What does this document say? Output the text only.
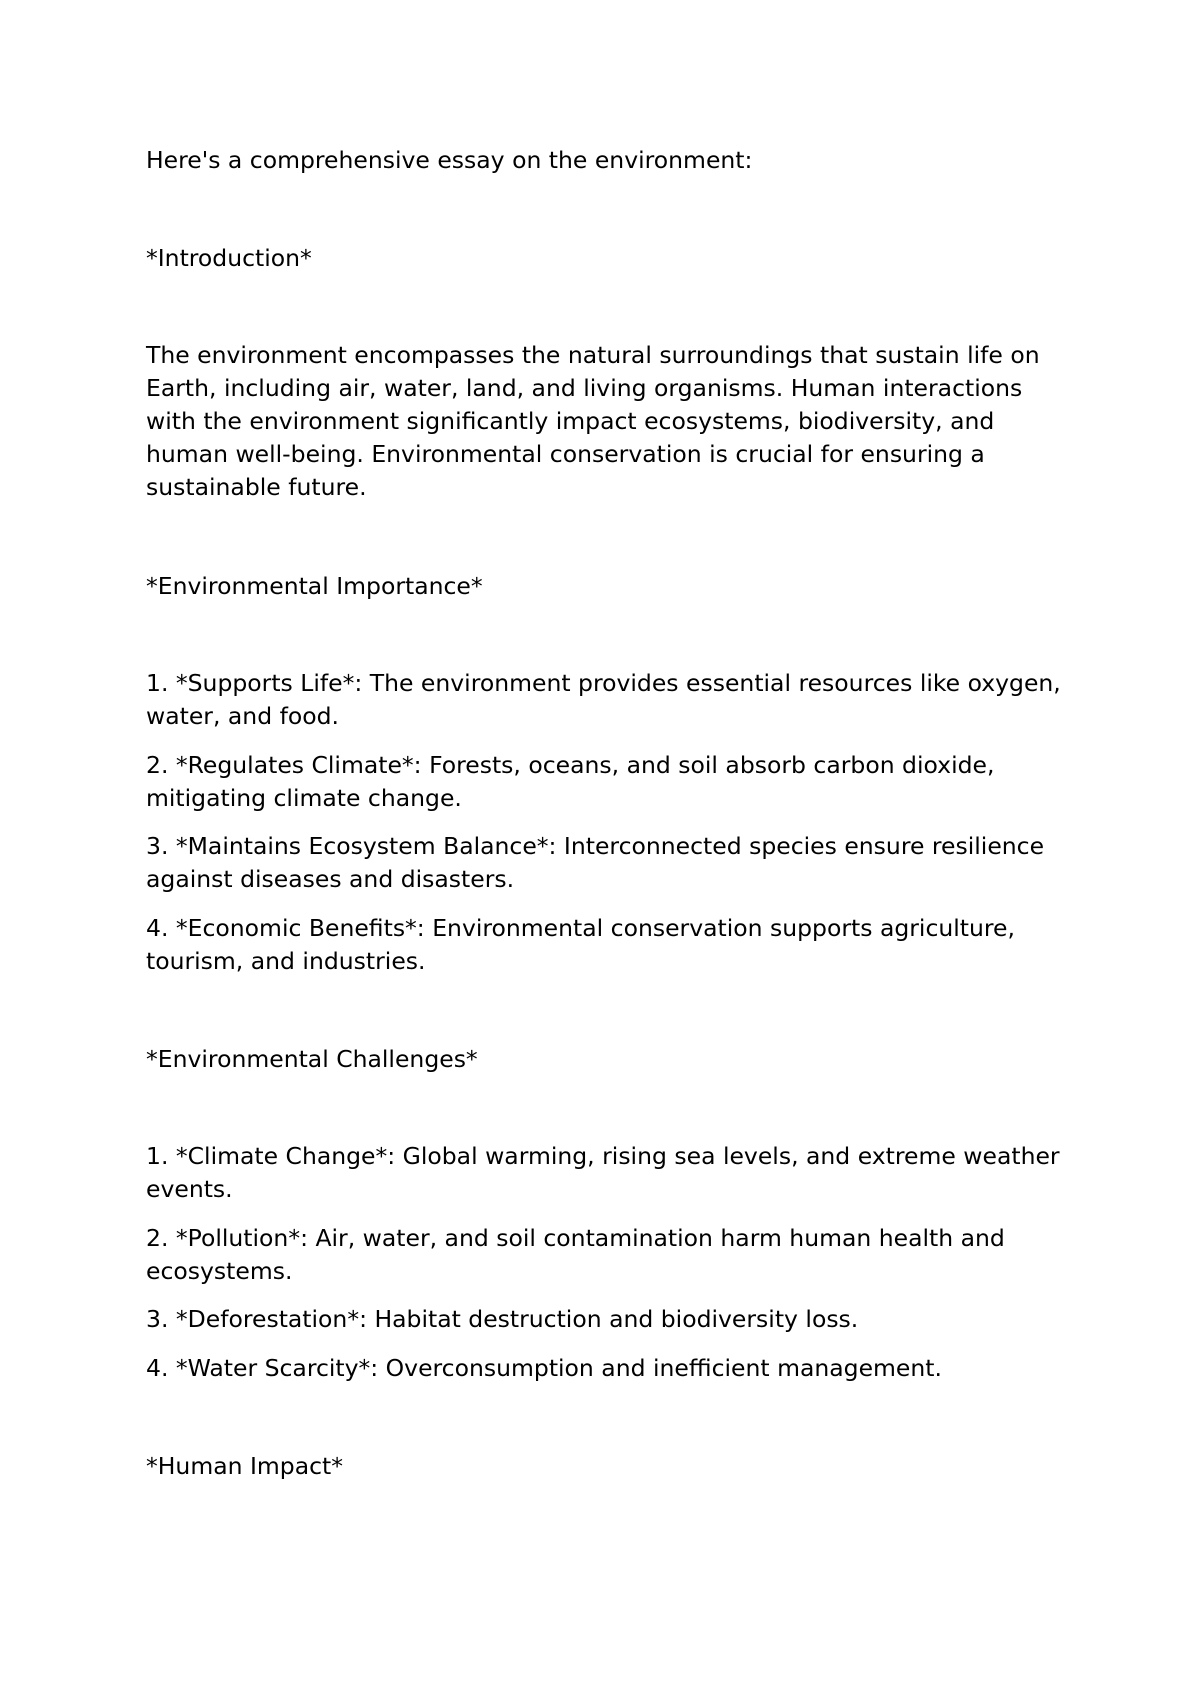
Here's a comprehensive essay on the environment:

*Introduction*

The environment encompasses the natural surroundings that sustain life on Earth, including air, water, land, and living organisms. Human interactions with the environment significantly impact ecosystems, biodiversity, and human well-being. Environmental conservation is crucial for ensuring a sustainable future.

*Environmental Importance*

1. *Supports Life*: The environment provides essential resources like oxygen, water, and food.

2. *Regulates Climate*: Forests, oceans, and soil absorb carbon dioxide, mitigating climate change.

3. *Maintains Ecosystem Balance*: Interconnected species ensure resilience against diseases and disasters.

4. *Economic Benefits*: Environmental conservation supports agriculture, tourism, and industries.

*Environmental Challenges*

1. *Climate Change*: Global warming, rising sea levels, and extreme weather events.

2. *Pollution*: Air, water, and soil contamination harm human health and ecosystems.

3. *Deforestation*: Habitat destruction and biodiversity loss.

4. *Water Scarcity*: Overconsumption and inefficient management.

*Human Impact*
